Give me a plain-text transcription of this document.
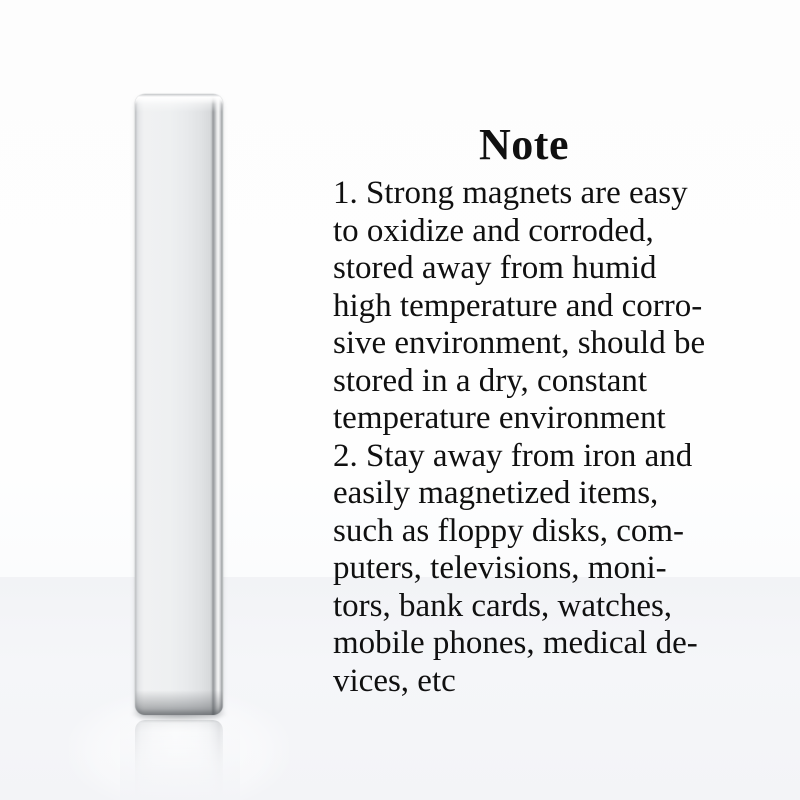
Note
1. Strong magnets are easy
to oxidize and corroded,
stored away from humid
high temperature and corro-
sive environment, should be
stored in a dry, constant
temperature environment
2. Stay away from iron and
easily magnetized items,
such as floppy disks, com-
puters, televisions, moni-
tors, bank cards, watches,
mobile phones, medical de-
vices, etc
